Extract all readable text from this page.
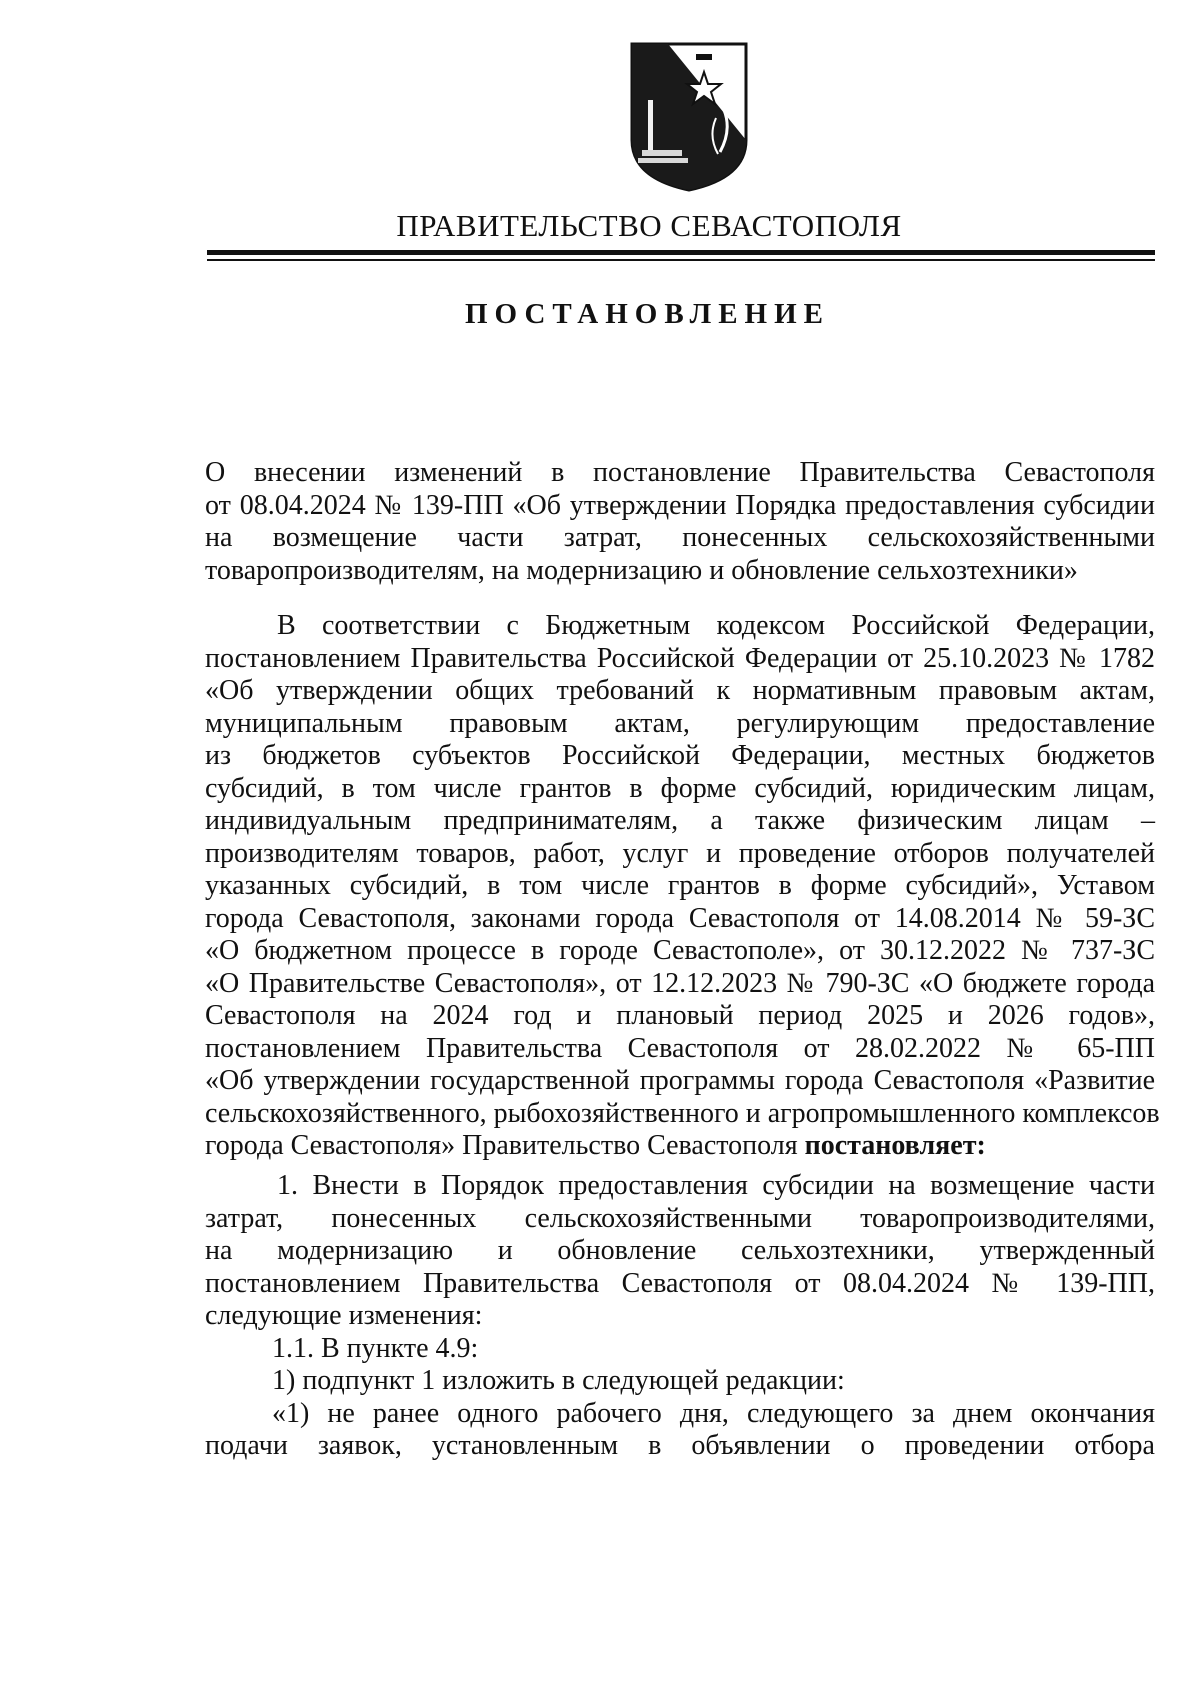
ПРАВИТЕЛЬСТВО СЕВАСТОПОЛЯ
ПОСТАНОВЛЕНИЕ
О внесении изменений в постановление Правительства Севастополя
от 08.04.2024 № 139-ПП «Об утверждении Порядка предоставления субсидии
на возмещение части затрат, понесенных сельскохозяйственными
товаропроизводителям, на модернизацию и обновление сельхозтехники»
В соответствии с Бюджетным кодексом Российской Федерации,
постановлением Правительства Российской Федерации от 25.10.2023 № 1782
«Об утверждении общих требований к нормативным правовым актам,
муниципальным правовым актам, регулирующим предоставление
из бюджетов субъектов Российской Федерации, местных бюджетов
субсидий, в том числе грантов в форме субсидий, юридическим лицам,
индивидуальным предпринимателям, а также физическим лицам –
производителям товаров, работ, услуг и проведение отборов получателей
указанных субсидий, в том числе грантов в форме субсидий», Уставом
города Севастополя, законами города Севастополя от 14.08.2014 № 59-ЗС
«О бюджетном процессе в городе Севастополе», от 30.12.2022 № 737-ЗС
«О Правительстве Севастополя», от 12.12.2023 № 790-ЗС «О бюджете города
Севастополя на 2024 год и плановый период 2025 и 2026 годов»,
постановлением Правительства Севастополя от 28.02.2022 № 65-ПП
«Об утверждении государственной программы города Севастополя «Развитие
сельскохозяйственного, рыбохозяйственного и агропромышленного комплексов
города Севастополя» Правительство Севастополя постановляет:
1. Внести в Порядок предоставления субсидии на возмещение части
затрат, понесенных сельскохозяйственными товаропроизводителями,
на модернизацию и обновление сельхозтехники, утвержденный
постановлением Правительства Севастополя от 08.04.2024 № 139-ПП,
следующие изменения:
1.1. В пункте 4.9:
1) подпункт 1 изложить в следующей редакции:
«1) не ранее одного рабочего дня, следующего за днем окончания
подачи заявок, установленным в объявлении о проведении отбора
